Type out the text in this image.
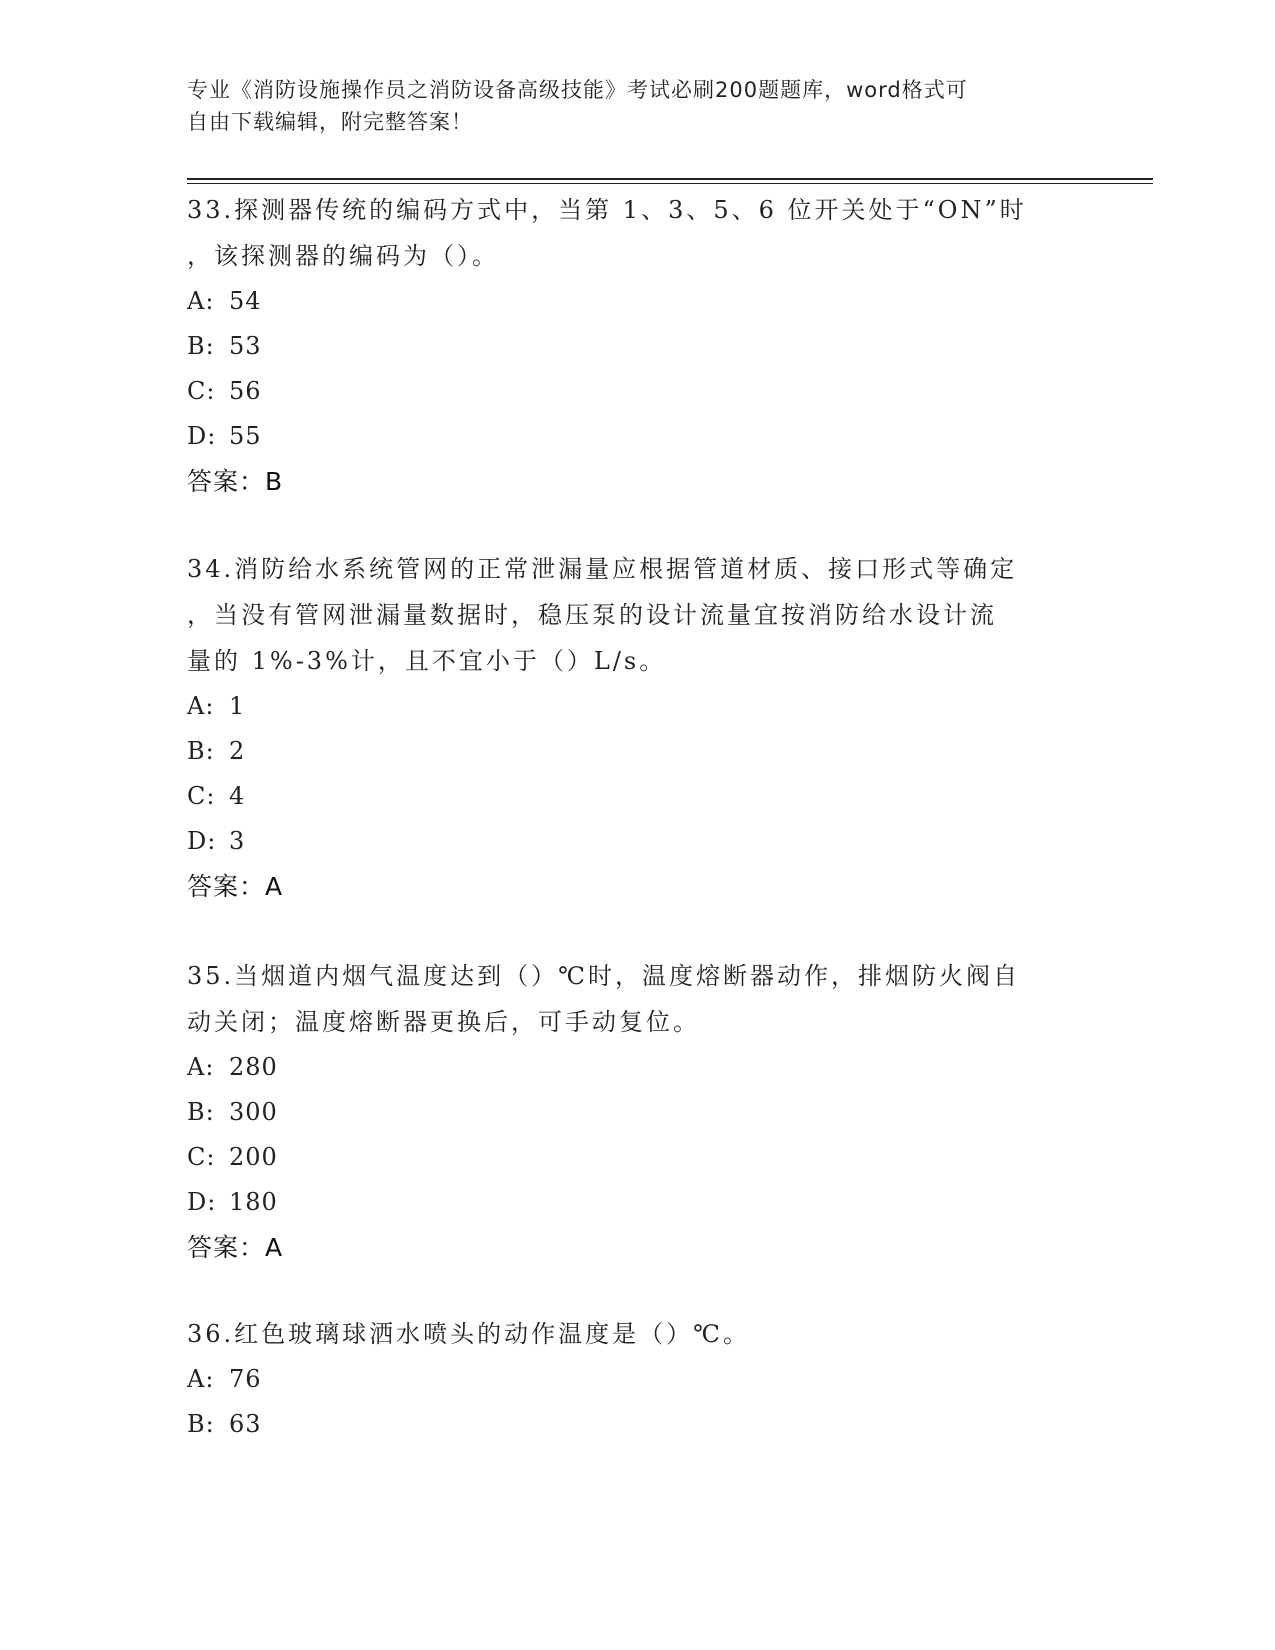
专业《消防设施操作员之消防设备高级技能》考试必刷200题题库，word格式可
自由下载编辑，附完整答案！
33.探测器传统的编码方式中，当第 1、3、5、6 位开关处于“ON”时
，该探测器的编码为（）。
A: 54
B: 53
C: 56
D: 55
答案：B
34.消防给水系统管网的正常泄漏量应根据管道材质、接口形式等确定
，当没有管网泄漏量数据时，稳压泵的设计流量宜按消防给水设计流
量的 1%-3%计，且不宜小于（）L/s。
A: 1
B: 2
C: 4
D: 3
答案：A
35.当烟道内烟气温度达到（）℃时，温度熔断器动作，排烟防火阀自
动关闭；温度熔断器更换后，可手动复位。
A: 280
B: 300
C: 200
D: 180
答案：A
36.红色玻璃球洒水喷头的动作温度是（）℃。
A: 76
B: 63
